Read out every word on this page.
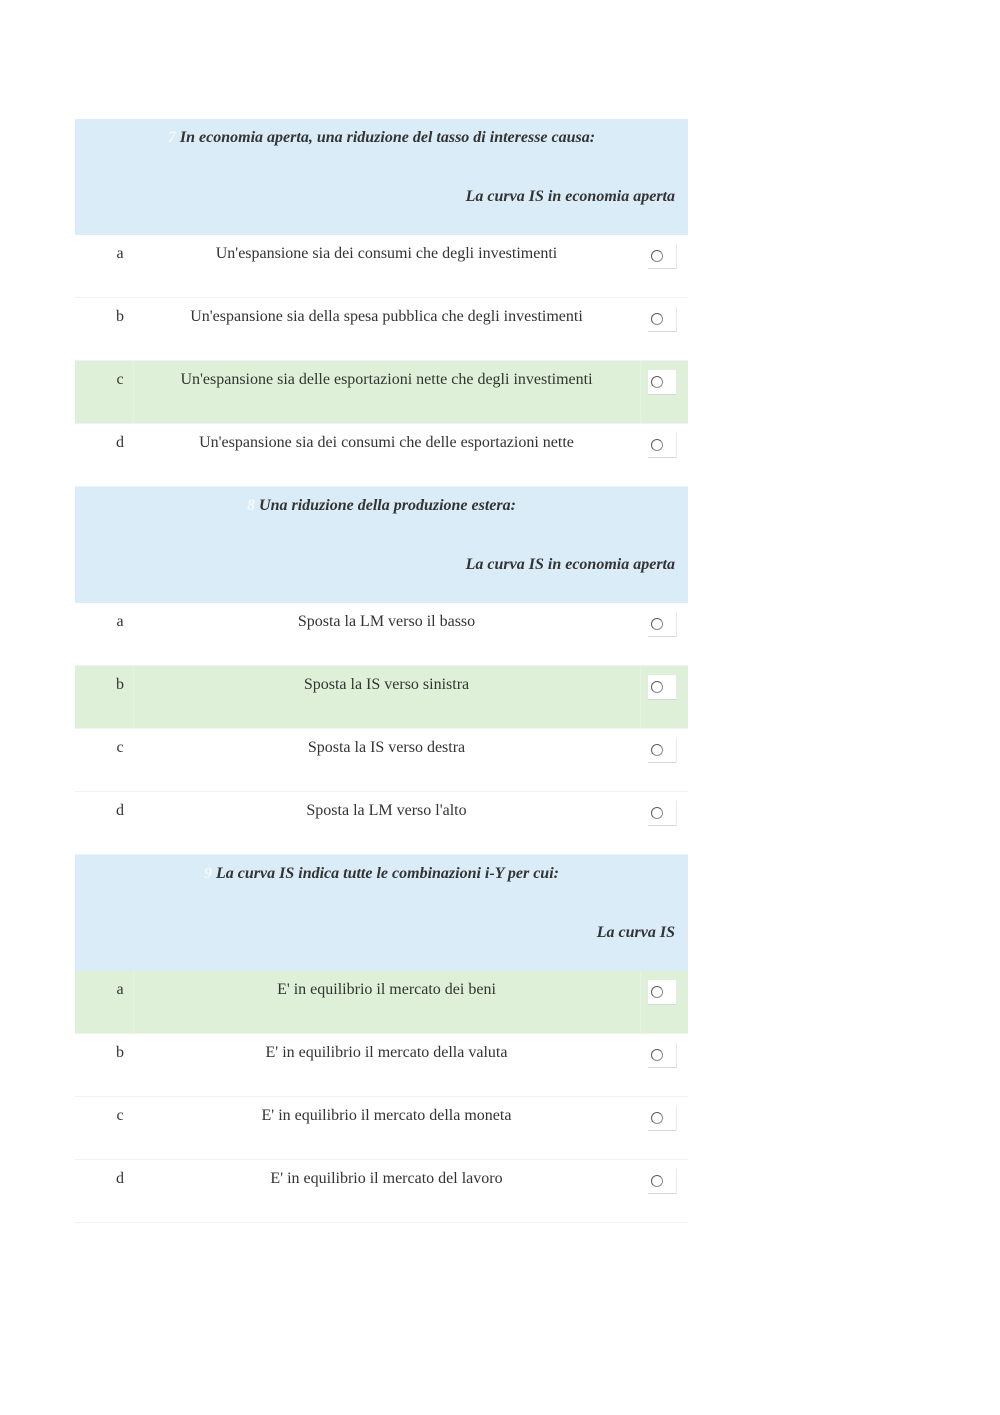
7 In economia aperta, una riduzione del tasso di interesse causa:
La curva IS in economia aperta
a	Un'espansione sia dei consumi che degli investimenti
b	Un'espansione sia della spesa pubblica che degli investimenti
c	Un'espansione sia delle esportazioni nette che degli investimenti
d	Un'espansione sia dei consumi che delle esportazioni nette
8 Una riduzione della produzione estera:
La curva IS in economia aperta
a	Sposta la LM verso il basso
b	Sposta la IS verso sinistra
c	Sposta la IS verso destra
d	Sposta la LM verso l'alto
9 La curva IS indica tutte le combinazioni i-Y per cui:
La curva IS
a	E' in equilibrio il mercato dei beni
b	E' in equilibrio il mercato della valuta
c	E' in equilibrio il mercato della moneta
d	E' in equilibrio il mercato del lavoro
